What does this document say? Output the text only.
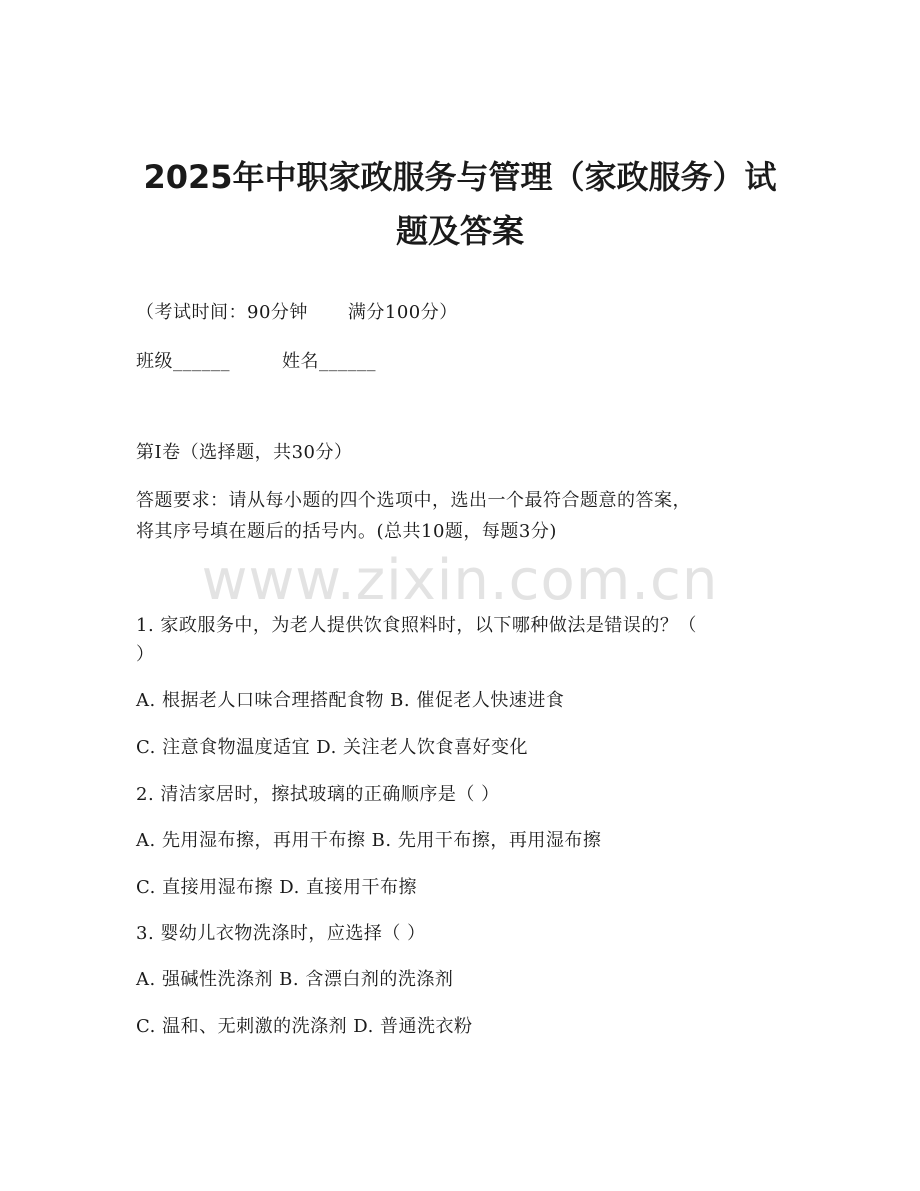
2025年中职家政服务与管理（家政服务）试
题及答案
（考试时间：90分钟 满分100分）
班级______	姓名______
第I卷（选择题，共30分）
答题要求：请从每小题的四个选项中，选出一个最符合题意的答案，
将其序号填在题后的括号内。(总共10题，每题3分)
www.zixin.com.cn
1. 家政服务中，为老人提供饮食照料时，以下哪种做法是错误的？（
）
A. 根据老人口味合理搭配食物 B. 催促老人快速进食
C. 注意食物温度适宜 D. 关注老人饮食喜好变化
2. 清洁家居时，擦拭玻璃的正确顺序是（ ）
A. 先用湿布擦，再用干布擦 B. 先用干布擦，再用湿布擦
C. 直接用湿布擦 D. 直接用干布擦
3. 婴幼儿衣物洗涤时，应选择（ ）
A. 强碱性洗涤剂 B. 含漂白剂的洗涤剂
C. 温和、无刺激的洗涤剂 D. 普通洗衣粉
